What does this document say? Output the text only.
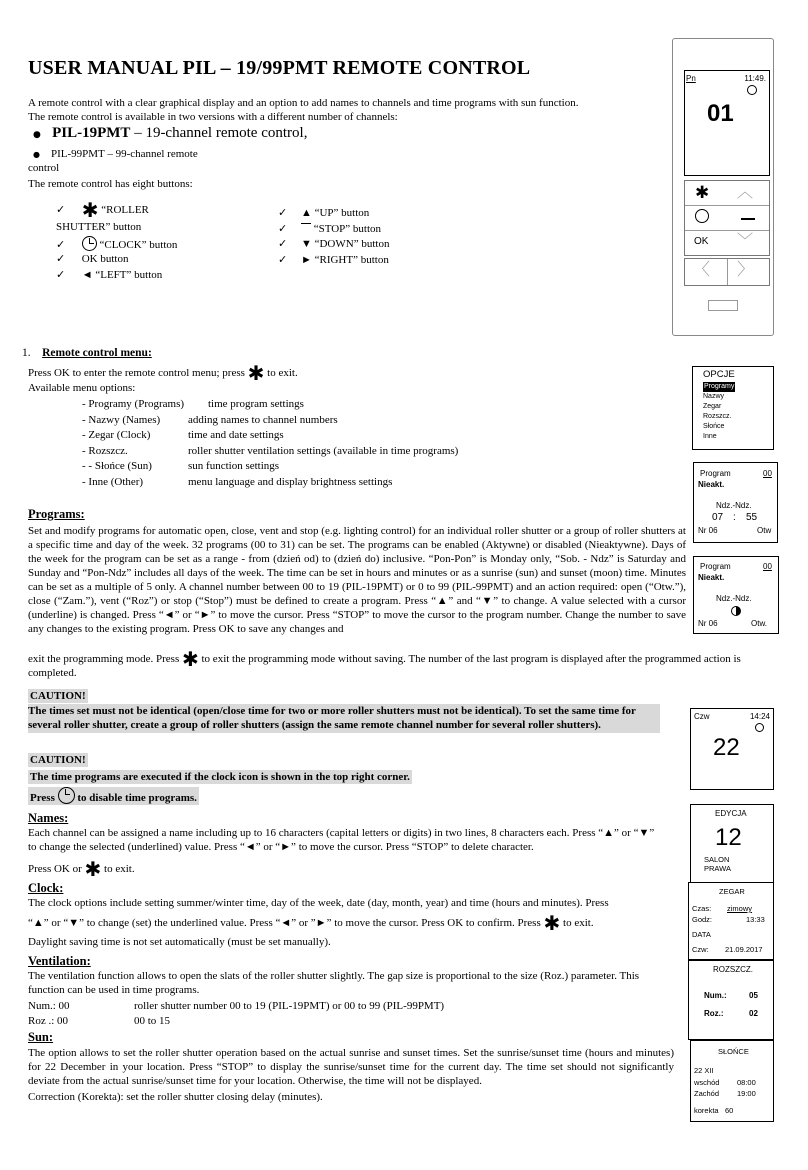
USER MANUAL PIL – 19/99PMT REMOTE CONTROL
A remote control with a clear graphical display and an option to add names to channels and time programs with sun function.
The remote control is available in two versions with a different number of channels:
● PIL-19PMT – 19-channel remote control,
● PIL-99PMT – 99-channel remote
control
The remote control has eight buttons:
✓ ✱ “ROLLER
SHUTTER” button
✓	“CLOCK” button
✓ OK button
✓ ◄ “LEFT” button
✓ ▲ “UP” button
✓      “STOP” button
✓ ▼ “DOWN” button
✓ ► “RIGHT” button
Pn	11:49.
01
✱ ︿
OK ﹀
〈 〉
1. Remote control menu:
Press OK to enter the remote control menu; press ✱ to exit.
Available menu options:
- Programy (Programs) time program settings
- Nazwy (Names)	adding names to channel numbers
- Zegar (Clock)	time and date settings
- Rozszcz.	roller shutter ventilation settings (available in time programs)
- - Słońce (Sun)	sun function settings
- Inne (Other)	menu language and display brightness settings
Programs:
Set and modify programs for automatic open, close, vent and stop (e.g. lighting control) for an individual roller shutter or a group of roller shutters at a specific time and day of the week. 32 programs (00 to 31) can be set. The programs can be enabled (Aktywne) or disabled (Nieaktywne). Days of the week for the program can be set as a range - from (dzień od) to (dzień do) inclusive. “Pon-Pon” is Monday only, “Sob. - Ndz” is Saturday and Sunday and “Pon-Ndz” includes all days of the week. The time can be set in hours and minutes or as a sunrise (sun) and sunset (moon) time. Minutes can be set as a multiple of 5 only. A channel number between 00 to 19 (PIL-19PMT) or 0 to 99 (PIL-99PMT) and an action required: open (“Otw.”), close (“Zam.”), vent (“Roz”) or stop (“Stop”) must be defined to create a program. Press “▲” and “▼” to change. A value selected with a cursor (underline) is changed. Press “◄” or “►” to move the cursor. Press “STOP” to move the cursor to the program number. Change the number to save any changes to the existing program. Press OK to save any changes and
exit the programming mode. Press ✱ to exit the programming mode without saving. The number of the last program is displayed after the programmed action is completed.
CAUTION!
The times set must not be identical (open/close time for two or more roller shutters must not be identical). To set the same time for several roller shutter, create a group of roller shutters (assign the same remote channel number for several roller shutters).
CAUTION!
The time programs are executed if the clock icon is shown in the top right corner.
Press  to disable time programs.
Names:
Each channel can be assigned a name including up to 16 characters (capital letters or digits) in two lines, 8 characters each. Press “▲” or “▼” to change the selected (underlined) value. Press “◄” or “►” to move the cursor. Press “STOP” to delete character.
Press OK or ✱ to exit.
Clock:
The clock options include setting summer/winter time, day of the week, date (day, month, year) and time (hours and minutes). Press
“▲” or “▼” to change (set) the underlined value. Press “◄” or ”►” to move the cursor. Press OK to confirm. Press ✱ to exit.
Daylight saving time is not set automatically (must be set manually).
Ventilation:
The ventilation function allows to open the slats of the roller shutter slightly. The gap size is proportional to the size (Roz.) parameter. This function can be used in time programs.
Num.: 00	roller shutter number 00 to 19 (PIL-19PMT) or 00 to 99 (PIL-99PMT)
Roz .: 00	00 to 15
Sun:
The option allows to set the roller shutter operation based on the actual sunrise and sunset times. Set the sunrise/sunset time (hours and minutes) for 22 December in your location. Press “STOP” to display the sunrise/sunset time for the current day. The time set should not significantly deviate from the actual sunrise/sunset time for your location. Otherwise, the time will not be displayed.
Correction (Korekta): set the roller shutter closing delay (minutes).
OPCJE
Programy
Nazwy
Zegar
Rozszcz.
Słońce
Inne
Program	00
Nieakt.
Ndz.-Ndz.
07 : 55
Nr 06	Otw
Program	00
Nieakt.
Ndz.-Ndz.
Nr 06	Otw.
Czw	14:24
22
EDYCJA
12
SALON
PRAWA
ZEGAR
Czas: zimowy
Godz:	13:33
DATA
Czw: 21.09.2017
ROZSZCZ.
Num.:	05
Roz.:	02
SŁOŃCE
22 XII
wschód 08:00
Zachód 19:00
korekta 60
